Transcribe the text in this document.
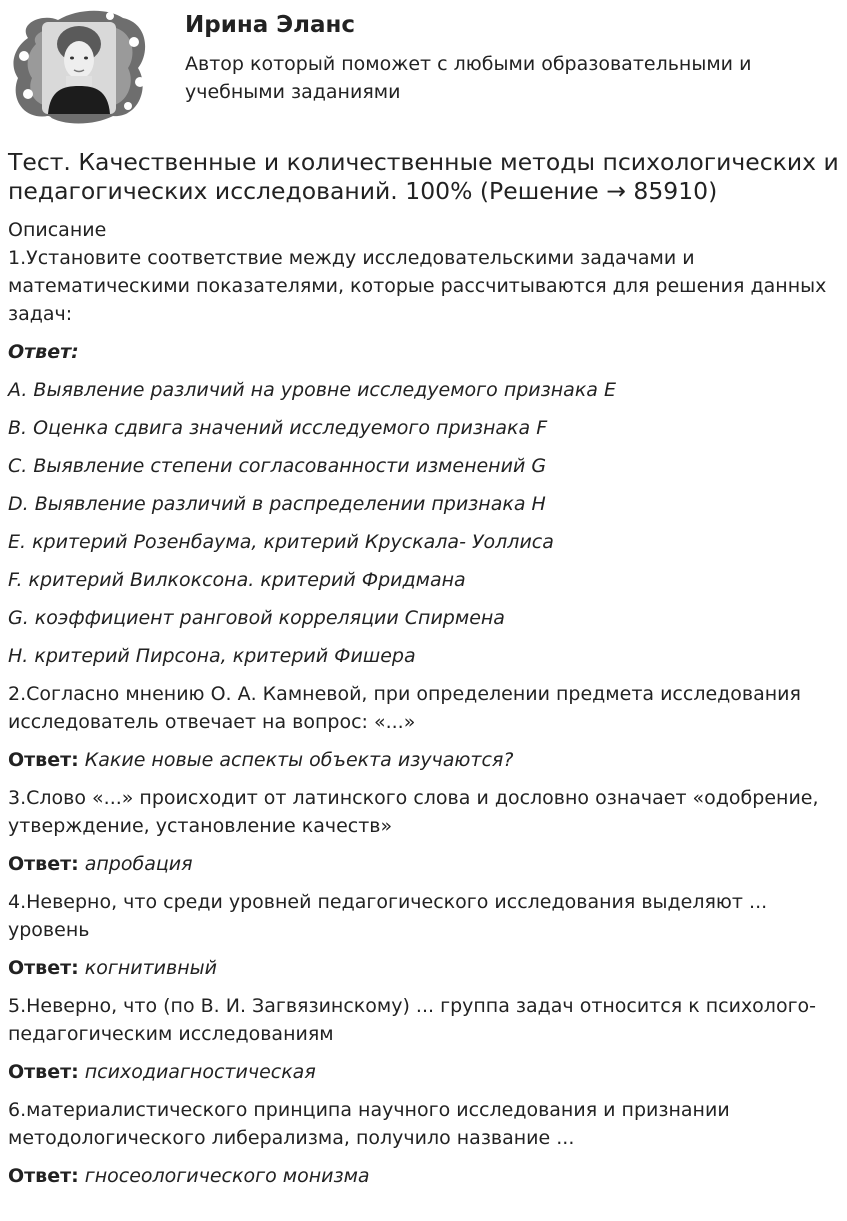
Ирина Эланс
Автор который поможет с любыми образовательными и учебными заданиями
Тест. Качественные и количественные методы психологических и педагогических исследований. 100% (Решение → 85910)

Описание

1.Установите соответствие между исследовательскими задачами и математическими показателями, которые рассчитываются для решения данных задач:

Ответ:

A. Выявление различий на уровне исследуемого признака E

B. Оценка сдвига значений исследуемого признака F

C. Выявление степени согласованности изменений G

D. Выявление различий в распределении признака H

E. критерий Розенбаума, критерий Крускала- Уоллиса

F. критерий Вилкоксона. критерий Фридмана

G. коэффициент ранговой корреляции Спирмена

H. критерий Пирсона, критерий Фишера

2.Согласно мнению О. А. Камневой, при определении предмета исследования исследователь отвечает на вопрос: «...»

Ответ: Какие новые аспекты объекта изучаются?

3.Слово «...» происходит от латинского слова и дословно означает «одобрение, утверждение, установление качеств»

Ответ: апробация

4.Неверно, что среди уровней педагогического исследования выделяют ... уровень

Ответ: когнитивный

5.Неверно, что (по В. И. Загвязинскому) ... группа задач относится к психолого-педагогическим исследованиям

Ответ: психодиагностическая

6.материалистического принципа научного исследования и признании методологического либерализма, получило название ...

Ответ: гносеологического монизма
